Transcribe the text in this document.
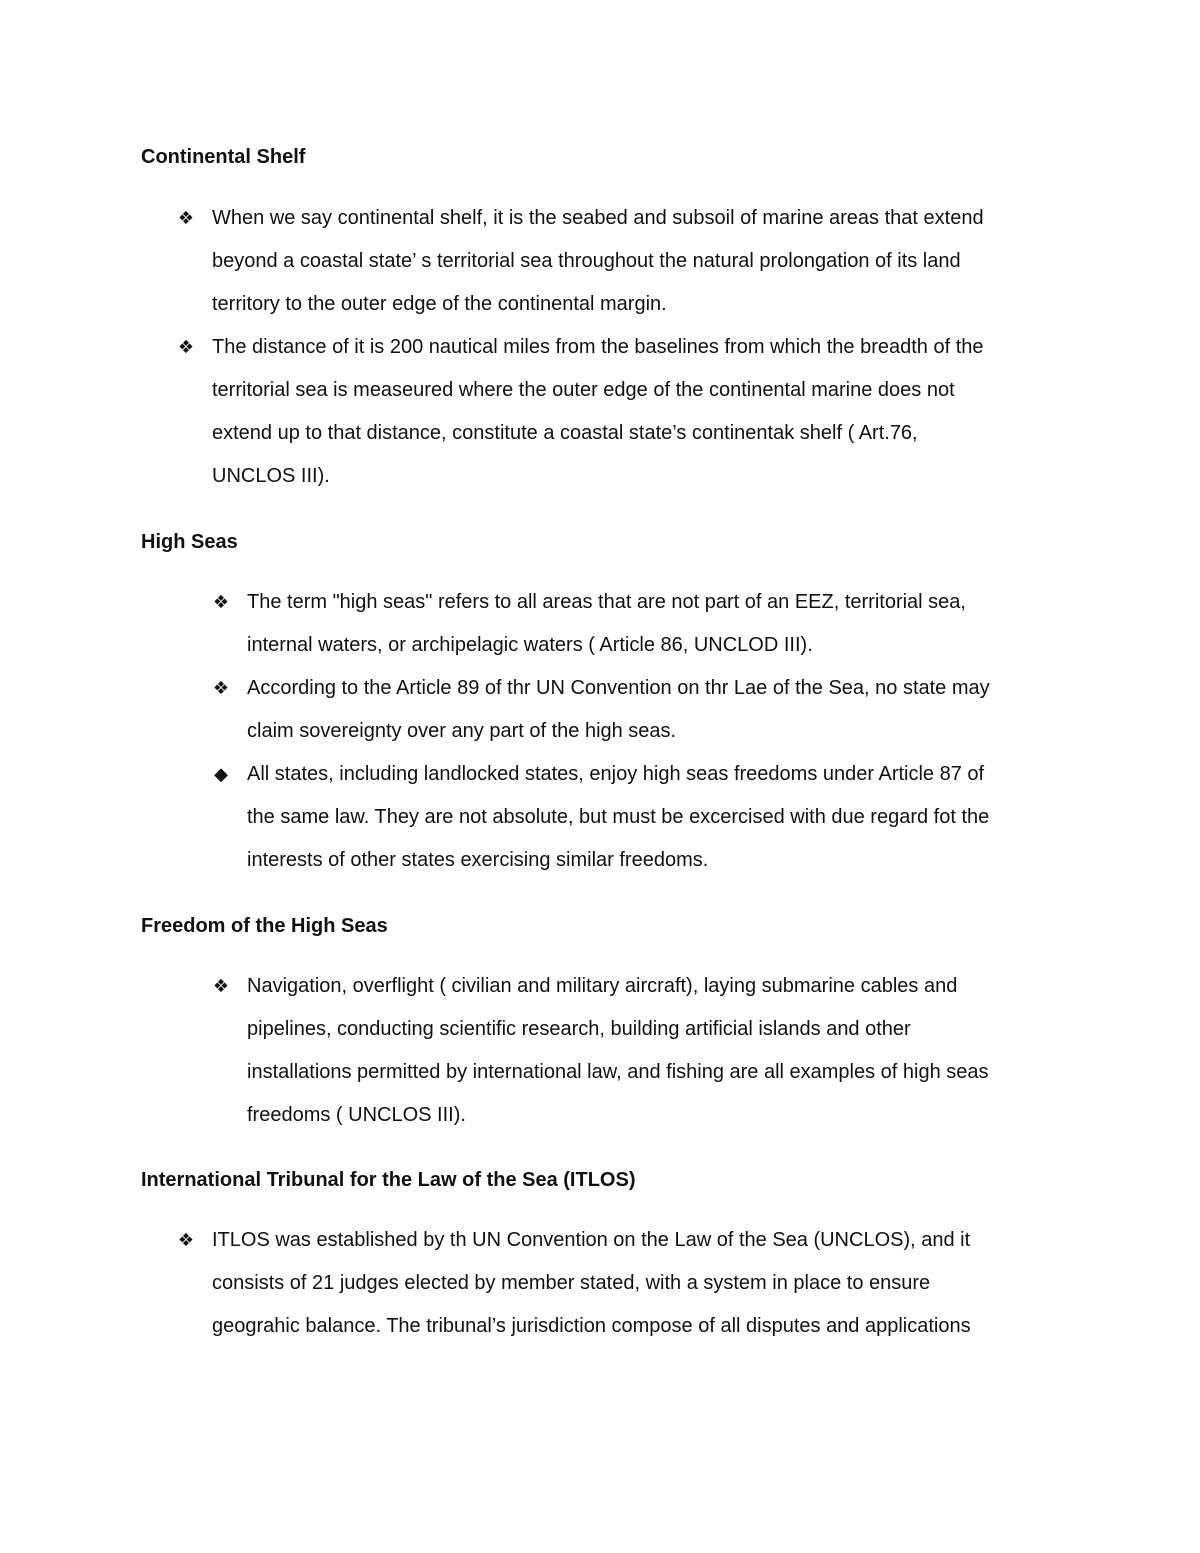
Continental Shelf
❖ When we say continental shelf, it is the seabed and subsoil of marine areas that extend
beyond a coastal state’ s territorial sea throughout the natural prolongation of its land
territory to the outer edge of the continental margin.
❖ The distance of it is 200 nautical miles from the baselines from which the breadth of the
territorial sea is measeured where the outer edge of the continental marine does not
extend up to that distance, constitute a coastal state’s continentak shelf ( Art.76,
UNCLOS III).
High Seas
❖ The term "high seas" refers to all areas that are not part of an EEZ, territorial sea,
internal waters, or archipelagic waters ( Article 86, UNCLOD III).
❖ According to the Article 89 of thr UN Convention on thr Lae of the Sea, no state may
claim sovereignty over any part of the high seas.
◆ All states, including landlocked states, enjoy high seas freedoms under Article 87 of
the same law. They are not absolute, but must be excercised with due regard fot the
interests of other states exercising similar freedoms.
Freedom of the High Seas
❖ Navigation, overflight ( civilian and military aircraft), laying submarine cables and
pipelines, conducting scientific research, building artificial islands and other
installations permitted by international law, and fishing are all examples of high seas
freedoms ( UNCLOS III).
International Tribunal for the Law of the Sea (ITLOS)
❖ ITLOS was established by th UN Convention on the Law of the Sea (UNCLOS), and it
consists of 21 judges elected by member stated, with a system in place to ensure
geograhic balance. The tribunal’s jurisdiction compose of all disputes and applications
